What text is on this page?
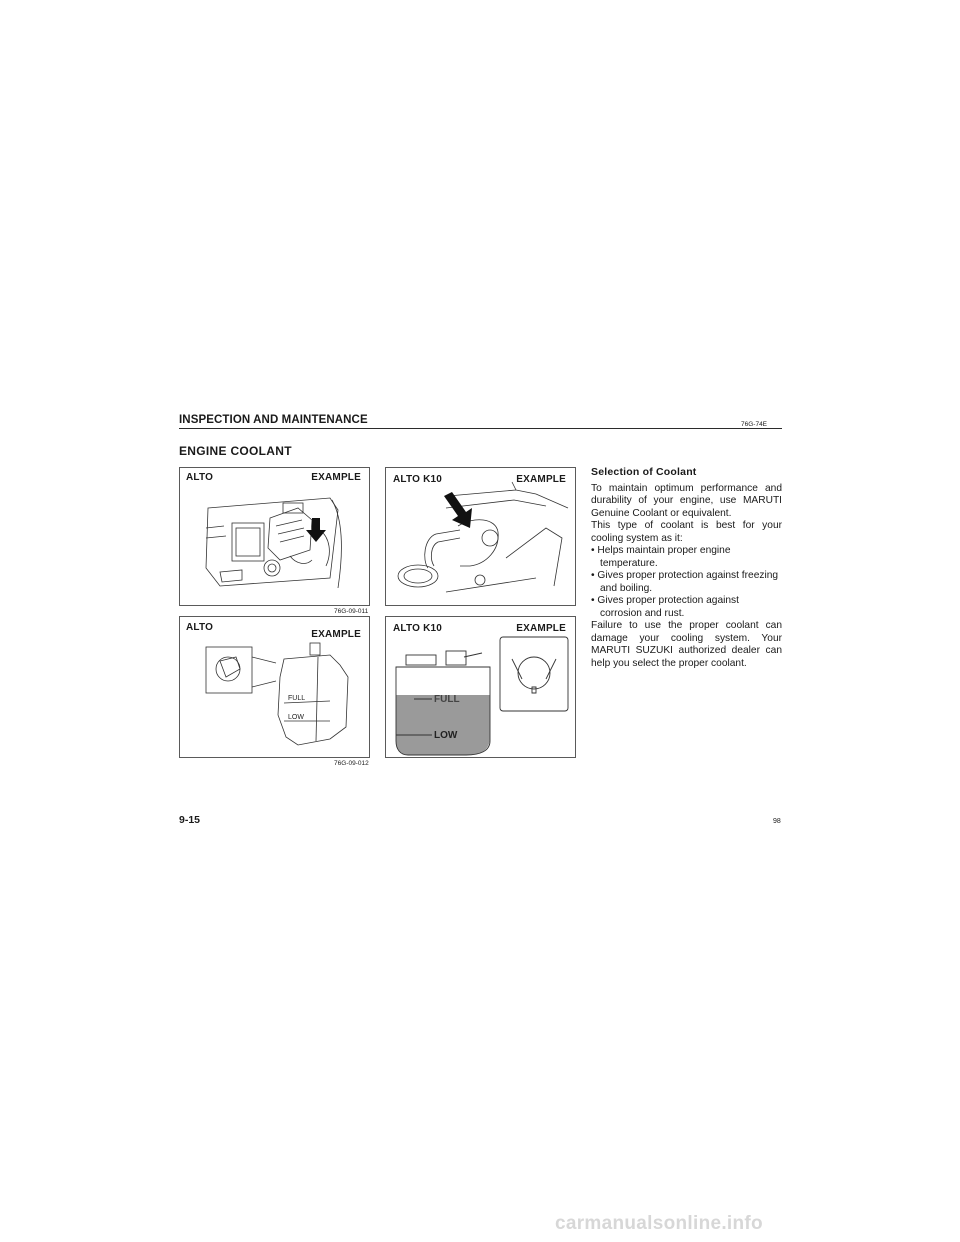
INSPECTION AND MAINTENANCE	76G-74E
ENGINE COOLANT
ALTO	EXAMPLE
76G-09-011
ALTO K10	EXAMPLE
ALTO
EXAMPLE
FULL
LOW
76G-09-012
ALTO K10	EXAMPLE
FULL
LOW
Selection of Coolant

To maintain optimum performance and durability of your engine, use MARUTI Genuine Coolant or equivalent.

This type of coolant is best for your cooling system as it:

• Helps maintain proper engine temperature.

• Gives proper protection against freezing and boiling.

• Gives proper protection against corrosion and rust.

Failure to use the proper coolant can damage your cooling system. Your MARUTI SUZUKI authorized dealer can help you select the proper coolant.

9-15	98
carmanualsonline.info
